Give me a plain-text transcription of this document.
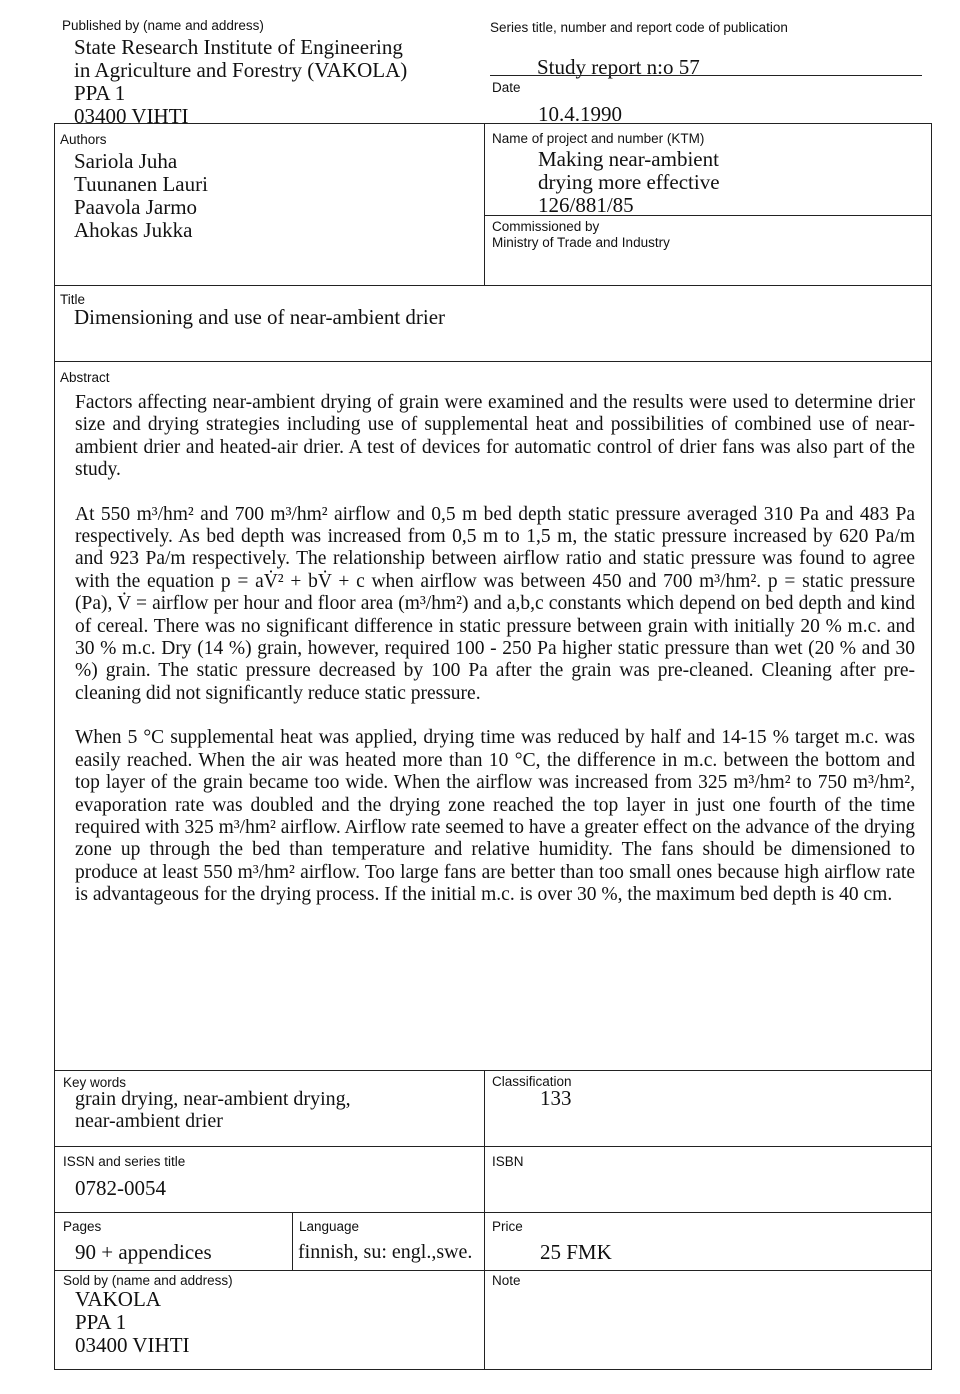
Published by (name and address)
State Research Institute of Engineering
in Agriculture and Forestry (VAKOLA)
PPA 1
03400 VIHTI
Series title, number and report code of publication
Study report n:o 57
Date
10.4.1990
Authors
Sariola Juha
Tuunanen Lauri
Paavola Jarmo
Ahokas Jukka
Name of project and number (KTM)
Making near-ambient
drying more effective
126/881/85
Commissioned by
Ministry of Trade and Industry
Title
Dimensioning and use of near-ambient drier
Abstract

Factors affecting near-ambient drying of grain were examined and the results were used to determine drier size and drying strategies including use of supplemental heat and possibilities of combined use of near-ambient drier and heated-air drier. A test of devices for automatic control of drier fans was also part of the study.

At 550 m³/hm² and 700 m³/hm² airflow and 0,5 m bed depth static pressure averaged 310 Pa and 483 Pa respectively. As bed depth was increased from 0,5 m to 1,5 m, the static pressure increased by 620 Pa/m and 923 Pa/m respectively. The relationship between airflow ratio and static pressure was found to agree with the equation p = aV̇² + bV̇ + c when airflow was between 450 and 700 m³/hm². p = static pressure (Pa), V̇ = airflow per hour and floor area (m³/hm²) and a,b,c constants which depend on bed depth and kind of cereal. There was no significant difference in static pressure between grain with initially 20 % m.c. and 30 % m.c. Dry (14 %) grain, however, required 100 - 250 Pa higher static pressure than wet (20 % and 30 %) grain. The static pressure decreased by 100 Pa after the grain was pre-cleaned. Cleaning after pre-cleaning did not significantly reduce static pressure.

When 5 °C supplemental heat was applied, drying time was reduced by half and 14-15 % target m.c. was easily reached. When the air was heated more than 10 °C, the difference in m.c. between the bottom and top layer of the grain became too wide. When the airflow was increased from 325 m³/hm² to 750 m³/hm², evaporation rate was doubled and the drying zone reached the top layer in just one fourth of the time required with 325 m³/hm² airflow. Airflow rate seemed to have a greater effect on the advance of the drying zone up through the bed than temperature and relative humidity. The fans should be dimensioned to produce at least 550 m³/hm² airflow. Too large fans are better than too small ones because high airflow rate is advantageous for the drying process. If the initial m.c. is over 30 %, the maximum bed depth is 40 cm.

Key words
grain drying, near-ambient drying,
near-ambient drier
Classification
133
ISSN and series title
0782-0054
ISBN
Pages
90 + appendices
Language
finnish, su: engl.,swe.
Price
25 FMK
Sold by (name and address)
VAKOLA
PPA 1
03400 VIHTI
Note
